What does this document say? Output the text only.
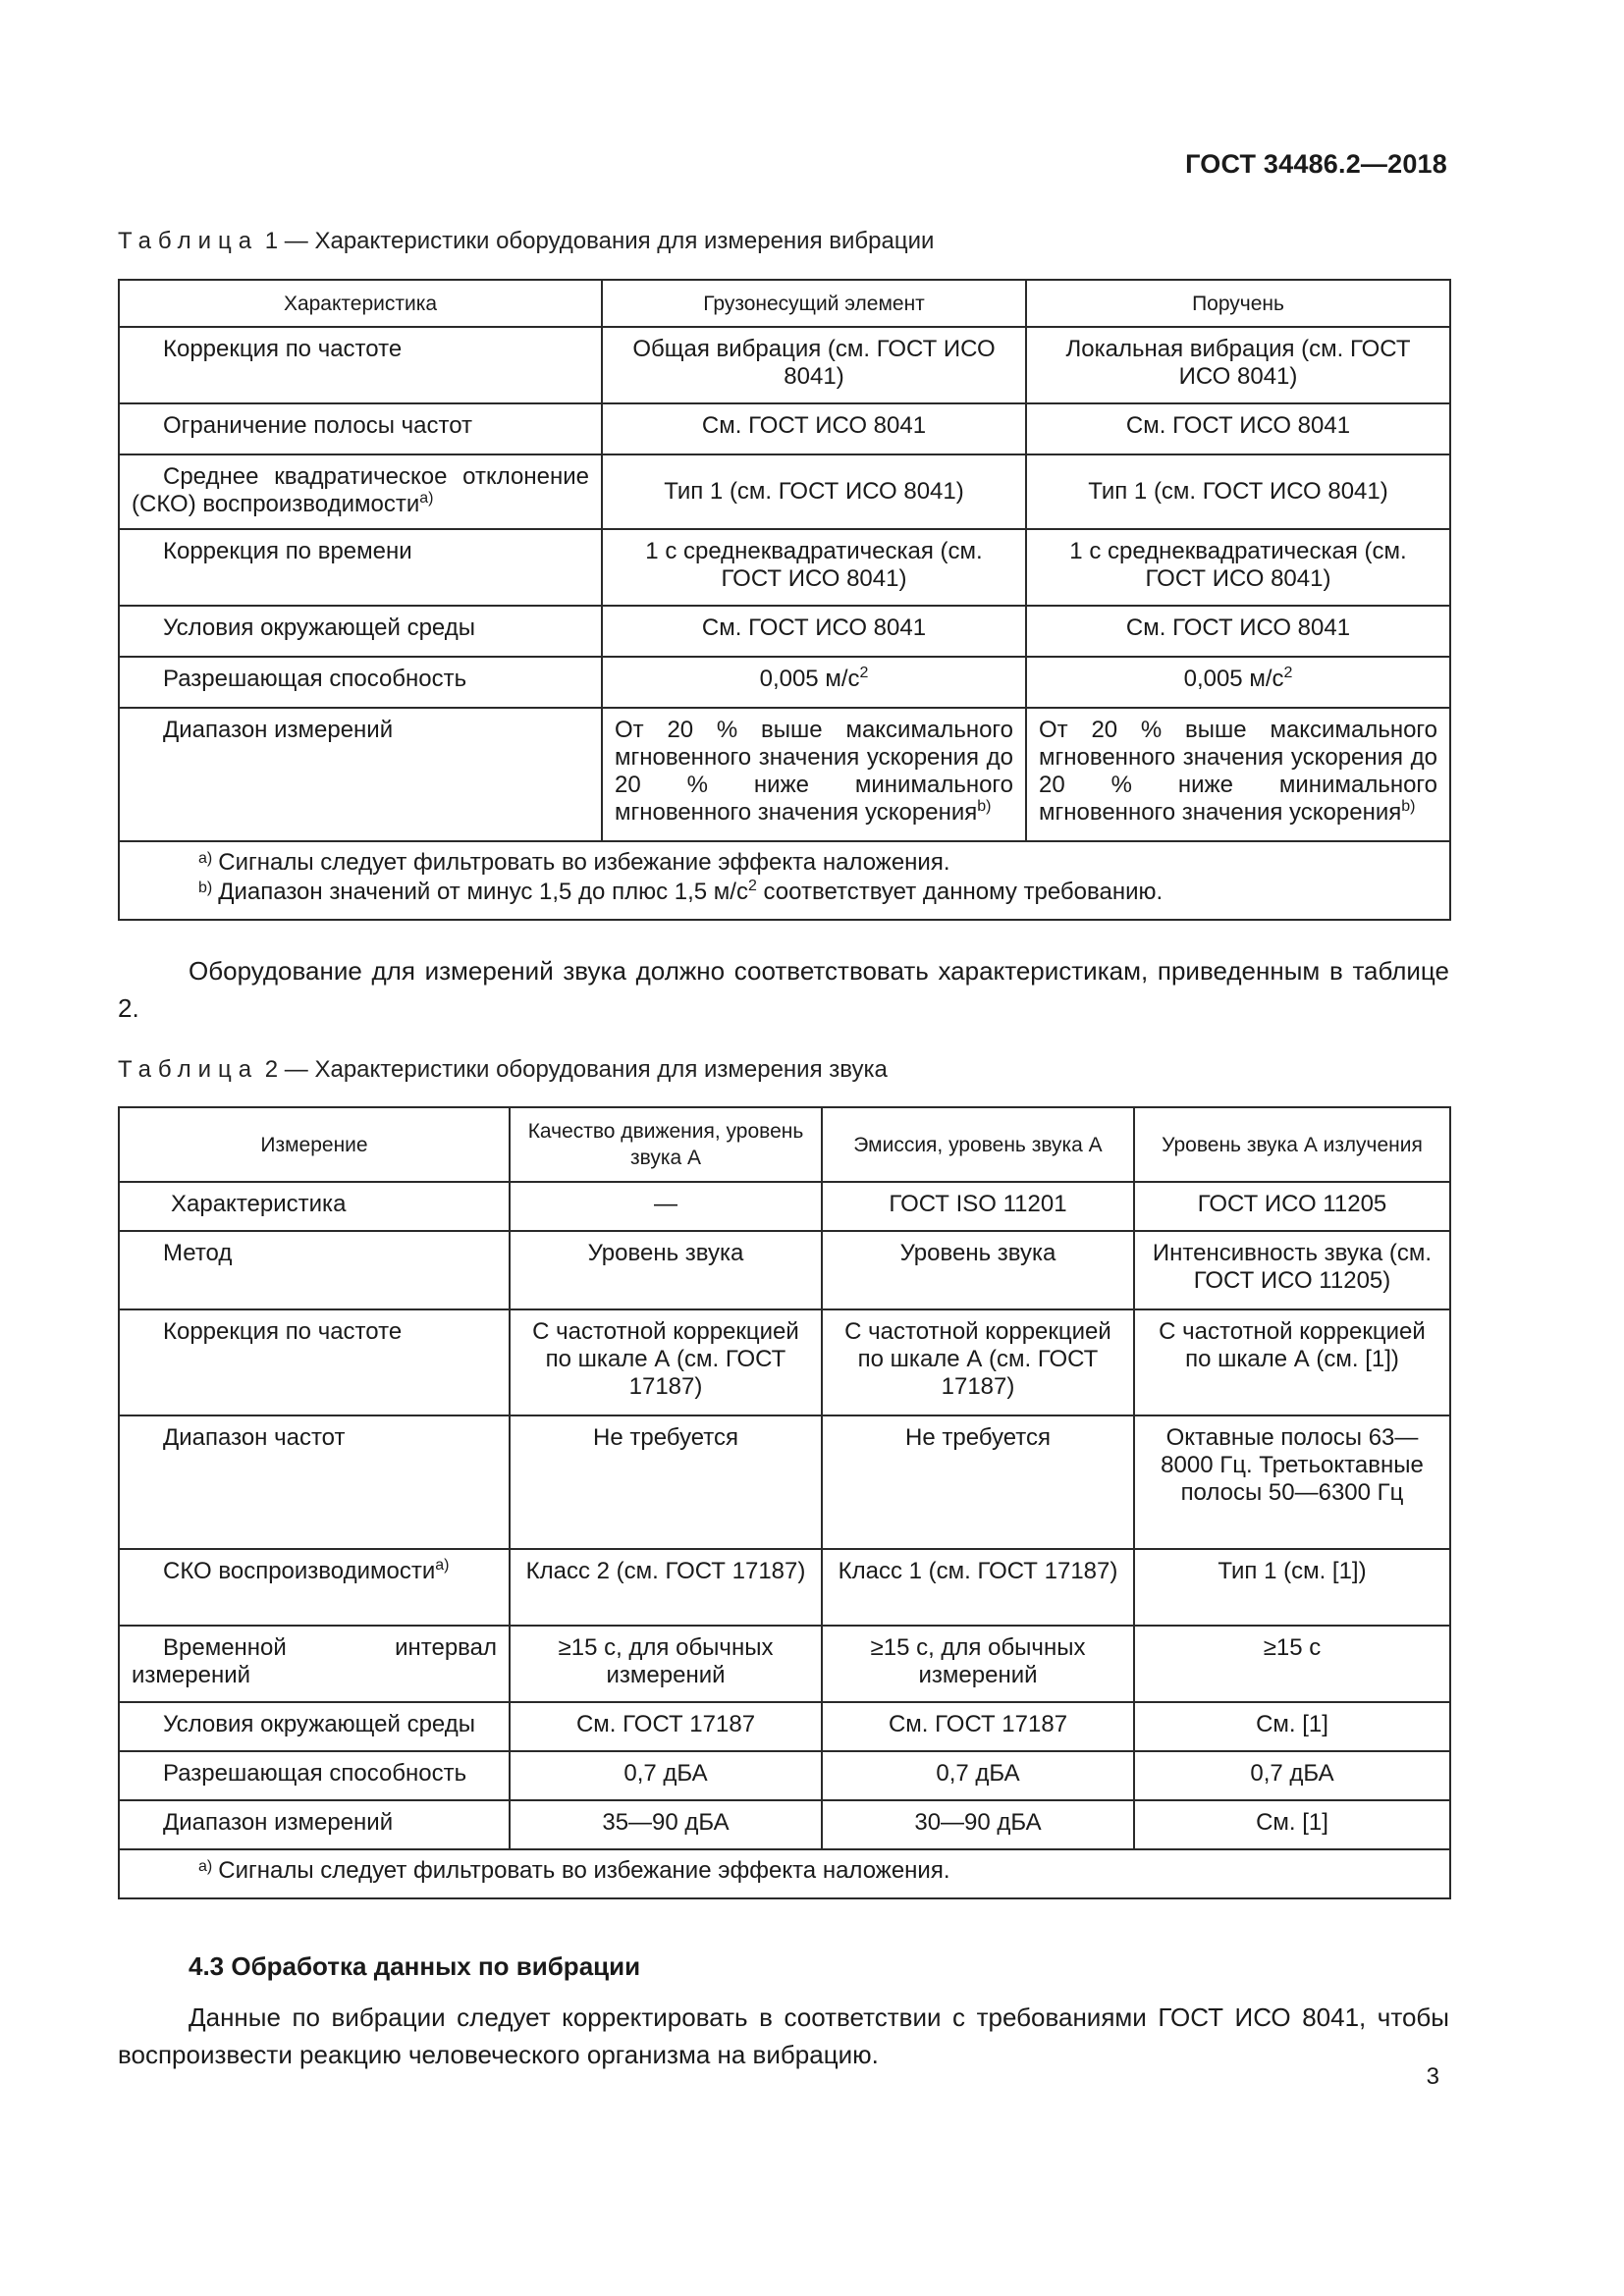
ГОСТ 34486.2—2018
Таблица 1 — Характеристики оборудования для измерения вибрации
Характеристика	Грузонесущий элемент	Поручень
Коррекция по частоте	Общая вибрация (см. ГОСТ ИСО 8041)	Локальная вибрация (см. ГОСТ ИСО 8041)
Ограничение полосы частот	См. ГОСТ ИСО 8041	См. ГОСТ ИСО 8041
Среднее квадратическое отклонение (СКО) воспроизводимости$^{a)}$	Тип 1 (см. ГОСТ ИСО 8041)	Тип 1 (см. ГОСТ ИСО 8041)
Коррекция по времени	1 с среднеквадратическая (см. ГОСТ ИСО 8041)	1 с среднеквадратическая (см. ГОСТ ИСО 8041)
Условия окружающей среды	См. ГОСТ ИСО 8041	См. ГОСТ ИСО 8041
Разрешающая способность	0,005 $м/с^2$	0,005 $м/с^2$
Диапазон измерений	От 20 % выше максимального мгновенного значения ускорения до 20 % ниже минимального мгновенного значения ускорения$^{b)}$	От 20 % выше максимального мгновенного значения ускорения до 20 % ниже минимального мгновенного значения ускорения$^{b)}$

$^{a)}$ Сигналы следует фильтровать во избежание эффекта наложения.
$^{b)}$ Диапазон значений от минус 1,5 до плюс 1,5 $м/с^2$ соответствует данному требованию.		
Оборудование для измерений звука должно соответствовать характеристикам, приведенным в таблице 2.
Таблица 2 — Характеристики оборудования для измерения звука
Измерение	Качество движения, уровень звука А	Эмиссия, уровень звука А	Уровень звука А излучения
Характеристика	—	ГОСТ ISO 11201	ГОСТ ИСО 11205
Метод	Уровень звука	Уровень звука	Интенсивность звука (см. ГОСТ ИСО 11205)
Коррекция по частоте	С частотной коррекцией по шкале А (см. ГОСТ 17187)	С частотной коррекцией по шкале А (см. ГОСТ 17187)	С частотной коррекцией по шкале А (см. [1])
Диапазон частот	Не требуется	Не требуется	Октавные полосы 63—8000 Гц. Третьоктавные полосы 50—6300 Гц
СКО воспроизводимости$^{a)}$	Класс 2 (см. ГОСТ 17187)	Класс 1 (см. ГОСТ 17187)	Тип 1 (см. [1])
Временной интервал измерений	≥15 с, для обычных измерений	≥15 с, для обычных измерений	≥15 с
Условия окружающей среды	См. ГОСТ 17187	См. ГОСТ 17187	См. [1]
Разрешающая способность	0,7 дБА	0,7 дБА	0,7 дБА
Диапазон измерений	35—90 дБА	30—90 дБА	См. [1]

$^{a)}$ Сигналы следует фильтровать во избежание эффекта наложения.			
4.3 Обработка данных по вибрации
Данные по вибрации следует корректировать в соответствии с требованиями ГОСТ ИСО 8041, чтобы воспроизвести реакцию человеческого организма на вибрацию.
3
